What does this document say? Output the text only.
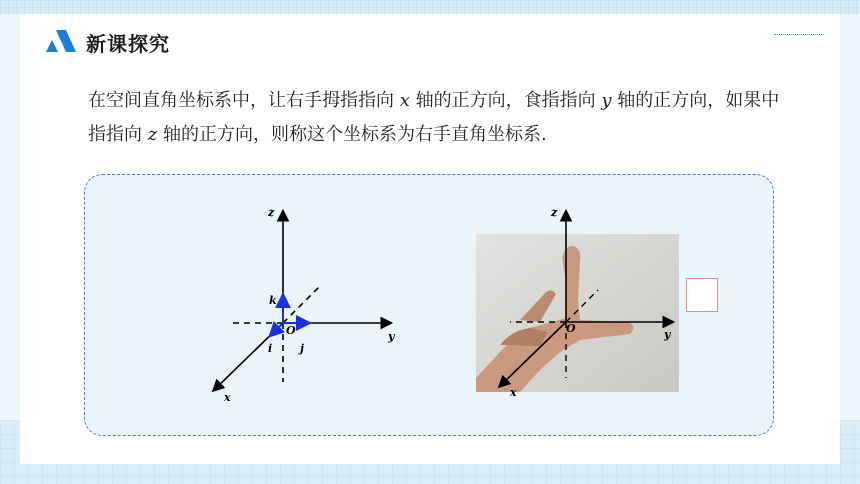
新课探究
在空间直角坐标系中，让右手拇指指向 x 轴的正方向，食指指向 y 轴的正方向，如果中指指向 z 轴的正方向，则称这个坐标系为右手直角坐标系.
z
y
x
O
k
i	j
z
y
x
O
